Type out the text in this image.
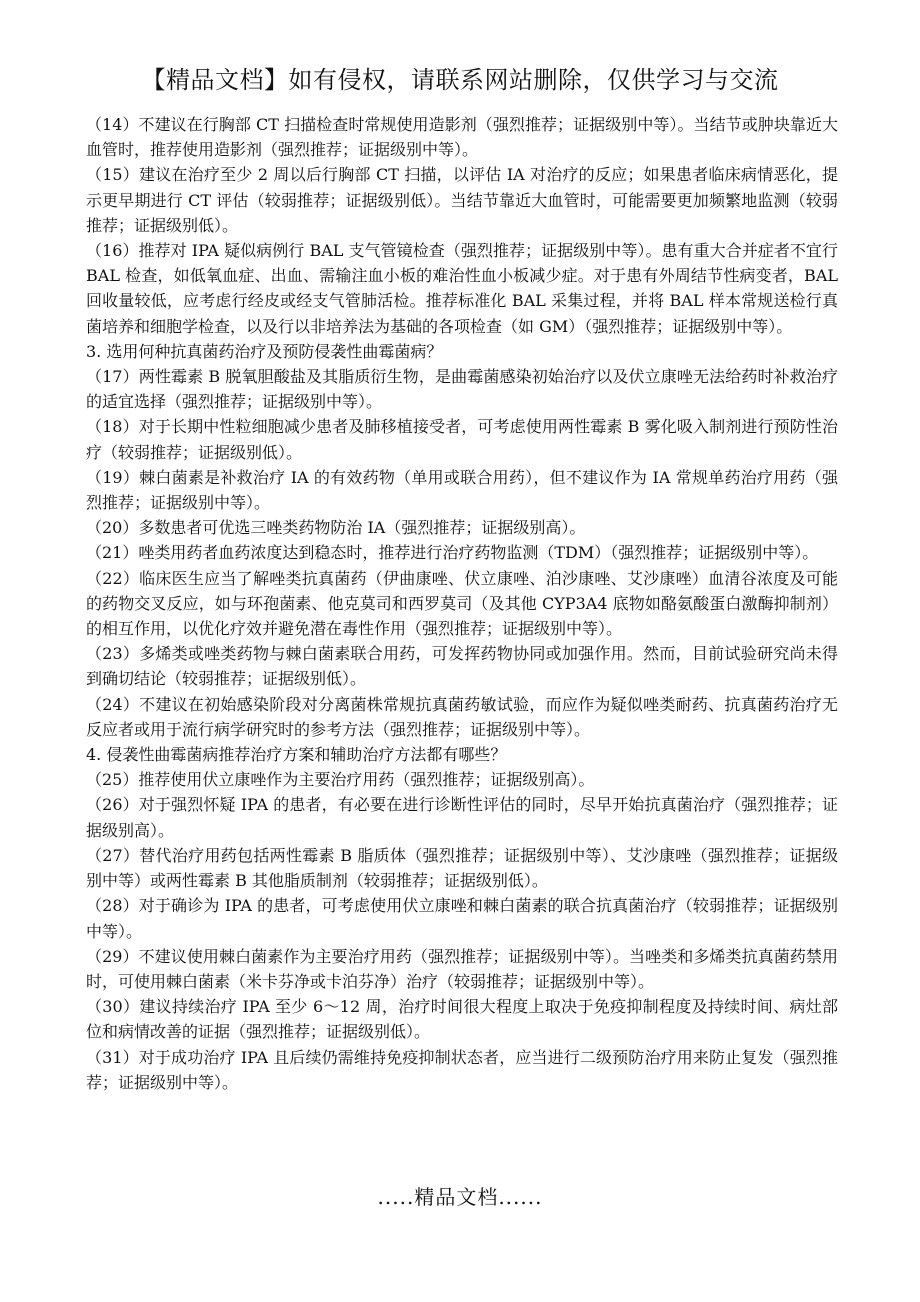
【精品文档】如有侵权，请联系网站删除，仅供学习与交流

（14）不建议在行胸部 CT 扫描检查时常规使用造影剂（强烈推荐；证据级别中等）。当结节或肿块靠近大血管时，推荐使用造影剂（强烈推荐；证据级别中等）。

（15）建议在治疗至少 2 周以后行胸部 CT 扫描，以评估 IA 对治疗的反应；如果患者临床病情恶化，提示更早期进行 CT 评估（较弱推荐；证据级别低）。当结节靠近大血管时，可能需要更加频繁地监测（较弱推荐；证据级别低）。

（16）推荐对 IPA 疑似病例行 BAL 支气管镜检查（强烈推荐；证据级别中等）。患有重大合并症者不宜行 BAL 检查，如低氧血症、出血、需输注血小板的难治性血小板减少症。对于患有外周结节性病变者，BAL 回收量较低，应考虑行经皮或经支气管肺活检。推荐标准化 BAL 采集过程，并将 BAL 样本常规送检行真菌培养和细胞学检查，以及行以非培养法为基础的各项检查（如 GM）（强烈推荐；证据级别中等）。

3. 选用何种抗真菌药治疗及预防侵袭性曲霉菌病？

（17）两性霉素 B 脱氧胆酸盐及其脂质衍生物，是曲霉菌感染初始治疗以及伏立康唑无法给药时补救治疗的适宜选择（强烈推荐；证据级别中等）。

（18）对于长期中性粒细胞减少患者及肺移植接受者，可考虑使用两性霉素 B 雾化吸入制剂进行预防性治疗（较弱推荐；证据级别低）。

（19）棘白菌素是补救治疗 IA 的有效药物（单用或联合用药），但不建议作为 IA 常规单药治疗用药（强烈推荐；证据级别中等）。

（20）多数患者可优选三唑类药物防治 IA（强烈推荐；证据级别高）。

（21）唑类用药者血药浓度达到稳态时，推荐进行治疗药物监测（TDM）（强烈推荐；证据级别中等）。

（22）临床医生应当了解唑类抗真菌药（伊曲康唑、伏立康唑、泊沙康唑、艾沙康唑）血清谷浓度及可能的药物交叉反应，如与环孢菌素、他克莫司和西罗莫司（及其他 CYP3A4 底物如酪氨酸蛋白激酶抑制剂）的相互作用，以优化疗效并避免潜在毒性作用（强烈推荐；证据级别中等）。

（23）多烯类或唑类药物与棘白菌素联合用药，可发挥药物协同或加强作用。然而，目前试验研究尚未得到确切结论（较弱推荐；证据级别低）。

（24）不建议在初始感染阶段对分离菌株常规抗真菌药敏试验，而应作为疑似唑类耐药、抗真菌药治疗无反应者或用于流行病学研究时的参考方法（强烈推荐；证据级别中等）。

4. 侵袭性曲霉菌病推荐治疗方案和辅助治疗方法都有哪些？

（25）推荐使用伏立康唑作为主要治疗用药（强烈推荐；证据级别高）。

（26）对于强烈怀疑 IPA 的患者，有必要在进行诊断性评估的同时，尽早开始抗真菌治疗（强烈推荐；证据级别高）。

（27）替代治疗用药包括两性霉素 B 脂质体（强烈推荐；证据级别中等）、艾沙康唑（强烈推荐；证据级别中等）或两性霉素 B 其他脂质制剂（较弱推荐；证据级别低）。

（28）对于确诊为 IPA 的患者，可考虑使用伏立康唑和棘白菌素的联合抗真菌治疗（较弱推荐；证据级别中等）。

（29）不建议使用棘白菌素作为主要治疗用药（强烈推荐；证据级别中等）。当唑类和多烯类抗真菌药禁用时，可使用棘白菌素（米卡芬净或卡泊芬净）治疗（较弱推荐；证据级别中等）。

（30）建议持续治疗 IPA 至少 6～12 周，治疗时间很大程度上取决于免疫抑制程度及持续时间、病灶部位和病情改善的证据（强烈推荐；证据级别低）。

（31）对于成功治疗 IPA 且后续仍需维持免疫抑制状态者，应当进行二级预防治疗用来防止复发（强烈推荐；证据级别中等）。

.....精品文档......
